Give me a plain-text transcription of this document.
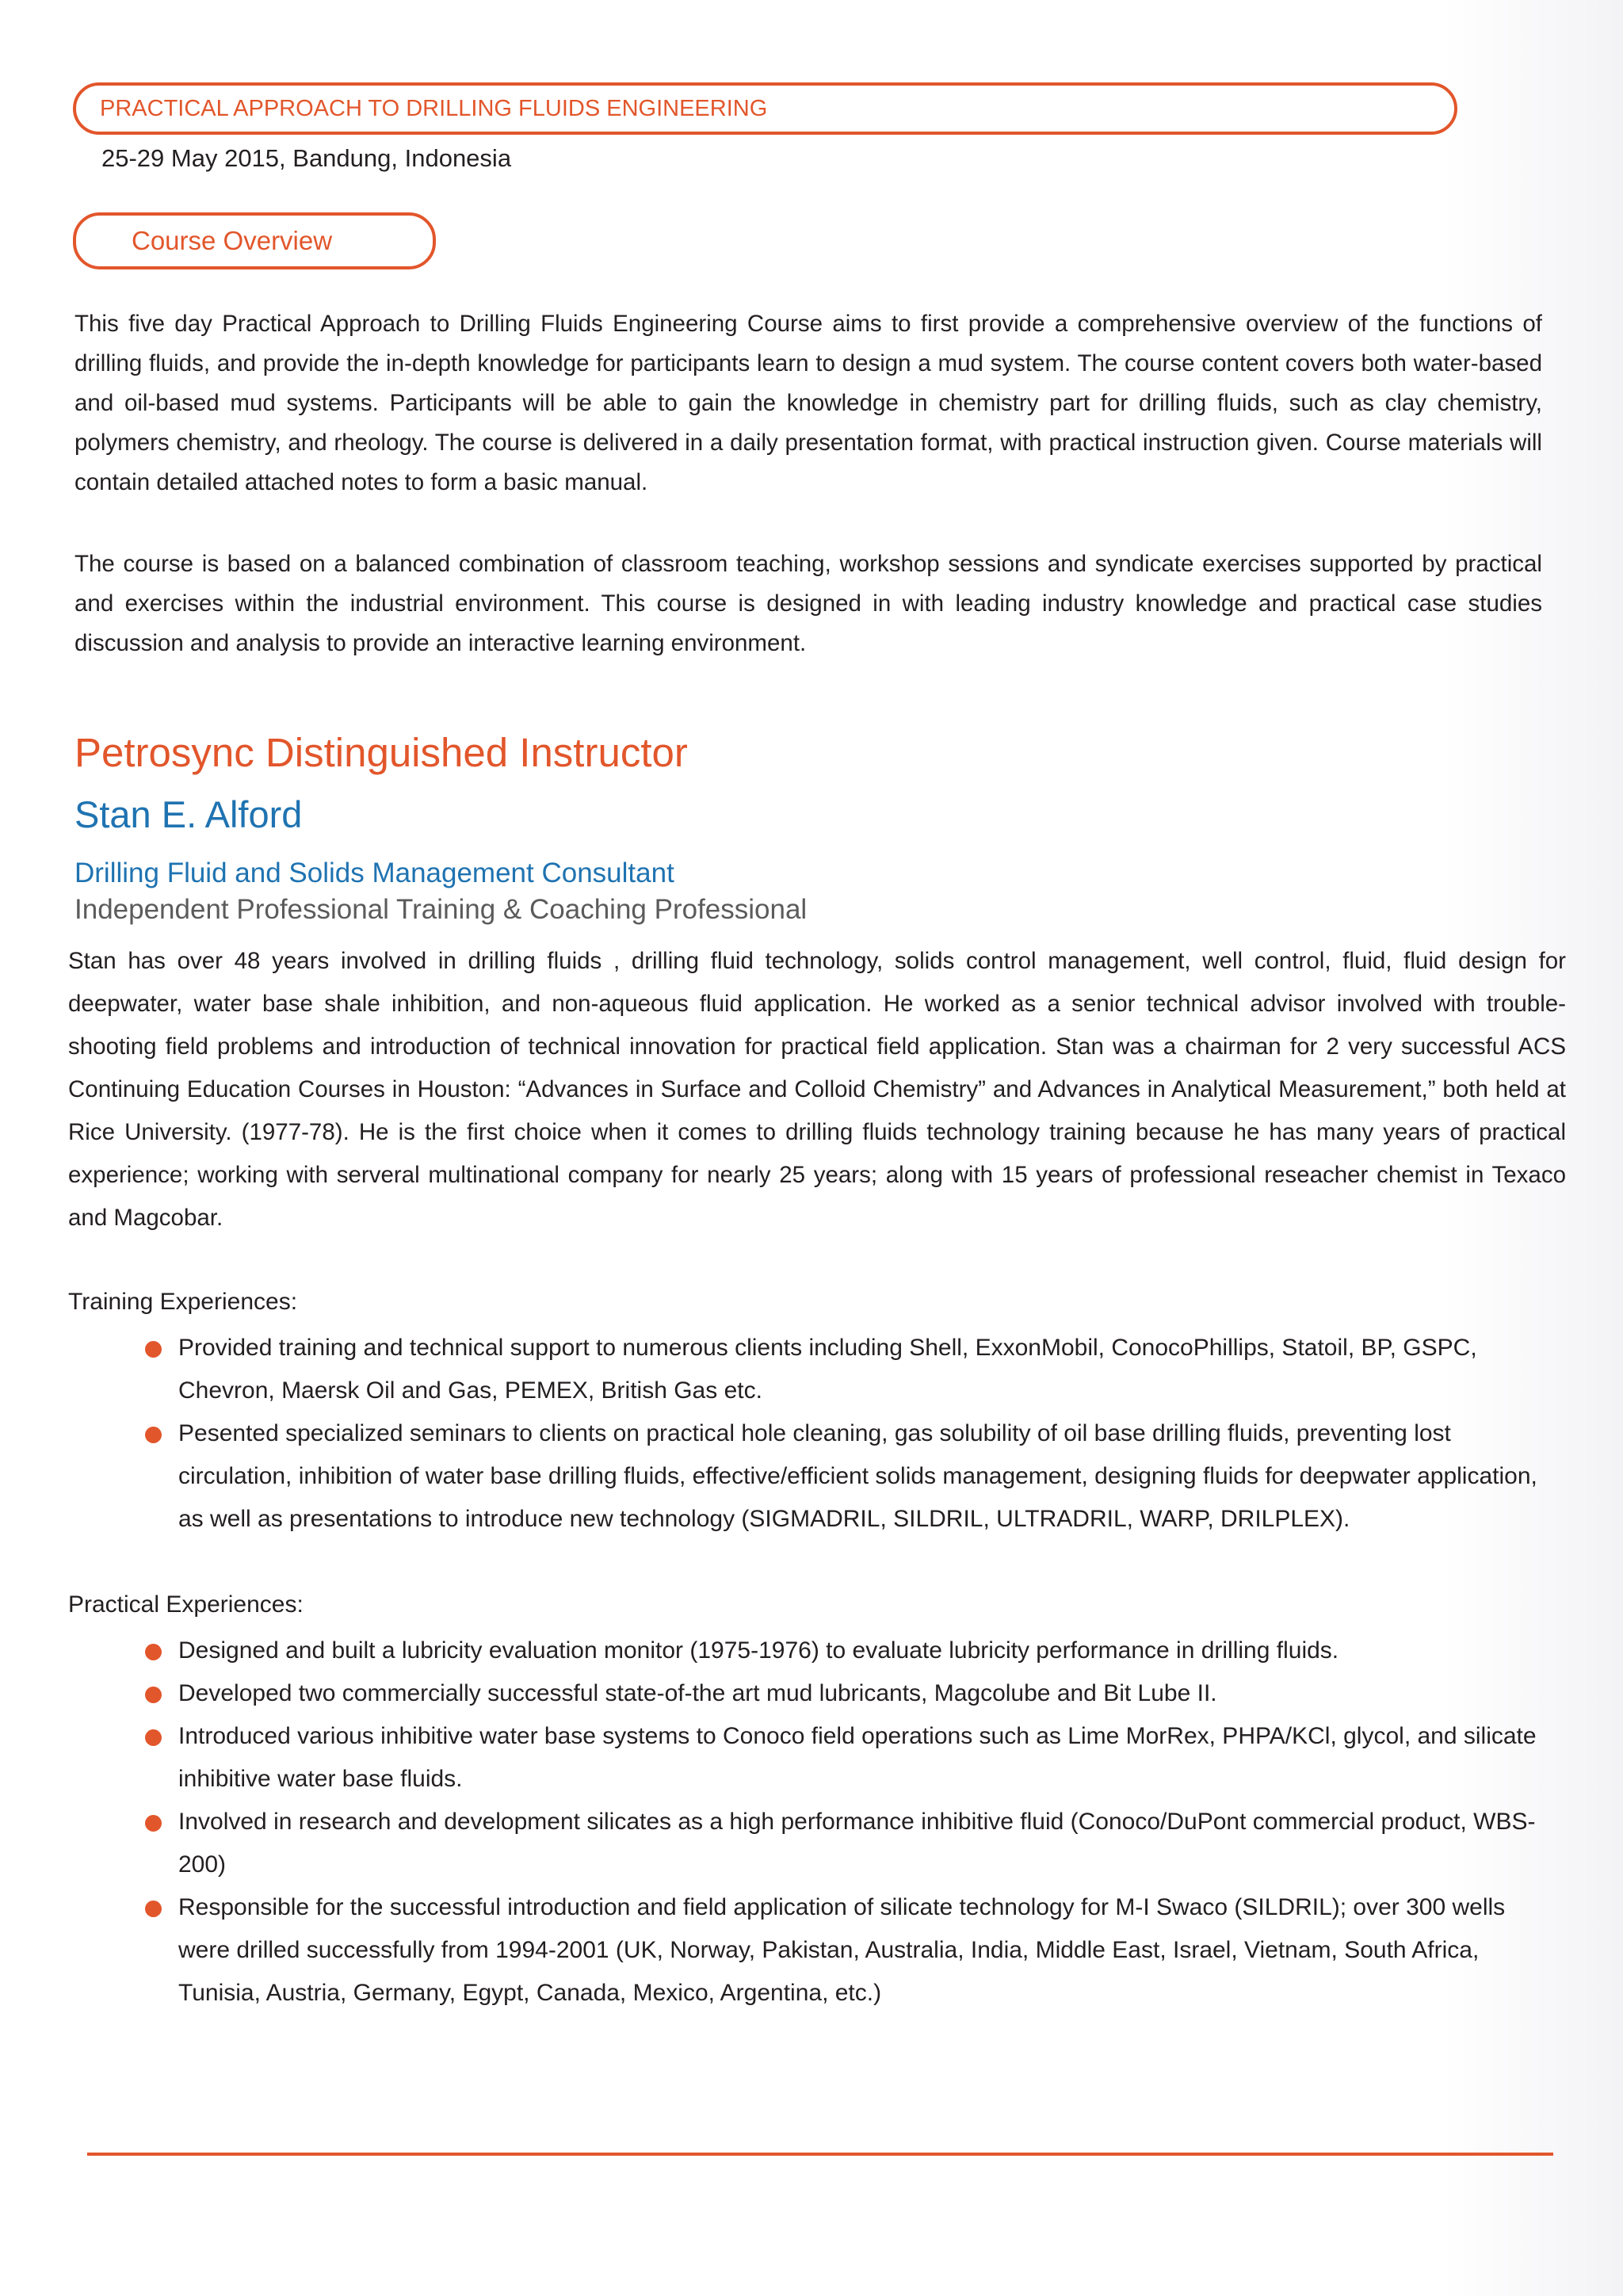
PRACTICAL APPROACH TO DRILLING FLUIDS ENGINEERING
25-29 May 2015, Bandung, Indonesia
Course Overview

This five day Practical Approach to Drilling Fluids Engineering Course aims to first provide a comprehensive overview of the functions of drilling fluids, and provide the in-depth knowledge for participants learn to design a mud system. The course content covers both water-based and oil-based mud systems. Participants will be able to gain the knowledge in chemistry part for drilling fluids, such as clay chemistry, polymers chemistry, and rheology. The course is delivered in a daily presentation format, with practical instruction given. Course materials will contain detailed attached notes to form a basic manual.

The course is based on a balanced combination of classroom teaching, workshop sessions and syndicate exercises supported by practical and exercises within the industrial environment. This course is designed in with leading industry knowledge and practical case studies discussion and analysis to provide an interactive learning environment.

Petrosync Distinguished Instructor
Stan E. Alford
Drilling Fluid and Solids Management Consultant
Independent Professional Training & Coaching Professional

Stan has over 48 years involved in drilling fluids , drilling fluid technology, solids control management, well control, fluid, fluid design for deepwater, water base shale inhibition, and non-aqueous fluid application. He worked as a senior technical advisor involved with trouble-shooting field problems and introduction of technical innovation for practical field application. Stan was a chairman for 2 very successful ACS Continuing Education Courses in Houston: “Advances in Surface and Colloid Chemistry” and Advances in Analytical Measurement,” both held at Rice University. (1977-78). He is the first choice when it comes to drilling fluids technology training because he has many years of practical experience; working with serveral multinational company for nearly 25 years; along with 15 years of professional reseacher chemist in Texaco and Magcobar.

Training Experiences:
Provided training and technical support to numerous clients including Shell, ExxonMobil, ConocoPhillips, Statoil, BP, GSPC, Chevron, Maersk Oil and Gas, PEMEX, British Gas etc.
Pesented specialized seminars to clients on practical hole cleaning, gas solubility of oil base drilling fluids, preventing lost circulation, inhibition of water base drilling fluids, effective/efficient solids management, designing fluids for deepwater application, as well as presentations to introduce new technology (SIGMADRIL, SILDRIL, ULTRADRIL, WARP, DRILPLEX).
Practical Experiences:
Designed and built a lubricity evaluation monitor (1975-1976) to evaluate lubricity performance in drilling fluids.
Developed two commercially successful state-of-the art mud lubricants, Magcolube and Bit Lube II.
Introduced various inhibitive water base systems to Conoco field operations such as Lime MorRex, PHPA/KCl, glycol, and silicate inhibitive water base fluids.
Involved in research and development silicates as a high performance inhibitive fluid (Conoco/DuPont commercial product, WBS-200)
Responsible for the successful introduction and field application of silicate technology for M-I Swaco (SILDRIL); over 300 wells were drilled successfully from 1994-2001 (UK, Norway, Pakistan, Australia, India, Middle East, Israel, Vietnam, South Africa, Tunisia, Austria, Germany, Egypt, Canada, Mexico, Argentina, etc.)
